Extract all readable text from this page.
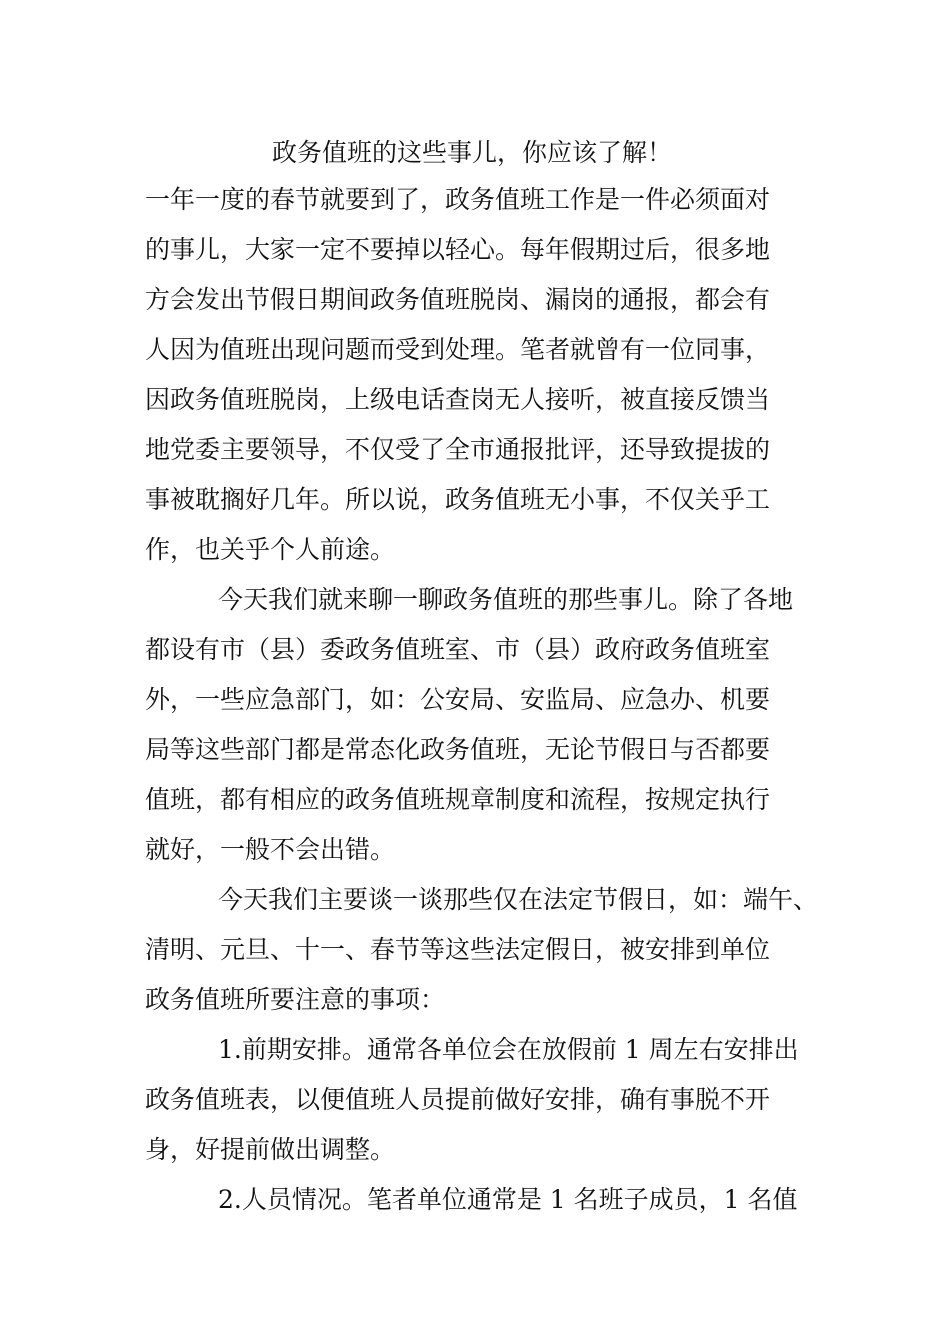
政务值班的这些事儿，你应该了解！
一年一度的春节就要到了，政务值班工作是一件必须面对
的事儿，大家一定不要掉以轻心。每年假期过后，很多地
方会发出节假日期间政务值班脱岗、漏岗的通报，都会有
人因为值班出现问题而受到处理。笔者就曾有一位同事，
因政务值班脱岗，上级电话查岗无人接听，被直接反馈当
地党委主要领导，不仅受了全市通报批评，还导致提拔的
事被耽搁好几年。所以说，政务值班无小事，不仅关乎工
作，也关乎个人前途。
今天我们就来聊一聊政务值班的那些事儿。除了各地
都设有市（县）委政务值班室、市（县）政府政务值班室
外，一些应急部门，如：公安局、安监局、应急办、机要
局等这些部门都是常态化政务值班，无论节假日与否都要
值班，都有相应的政务值班规章制度和流程，按规定执行
就好，一般不会出错。
今天我们主要谈一谈那些仅在法定节假日，如：端午、
清明、元旦、十一、春节等这些法定假日，被安排到单位
政务值班所要注意的事项：
1.前期安排。通常各单位会在放假前 1 周左右安排出
政务值班表，以便值班人员提前做好安排，确有事脱不开
身，好提前做出调整。
2.人员情况。笔者单位通常是 1 名班子成员，1 名值
